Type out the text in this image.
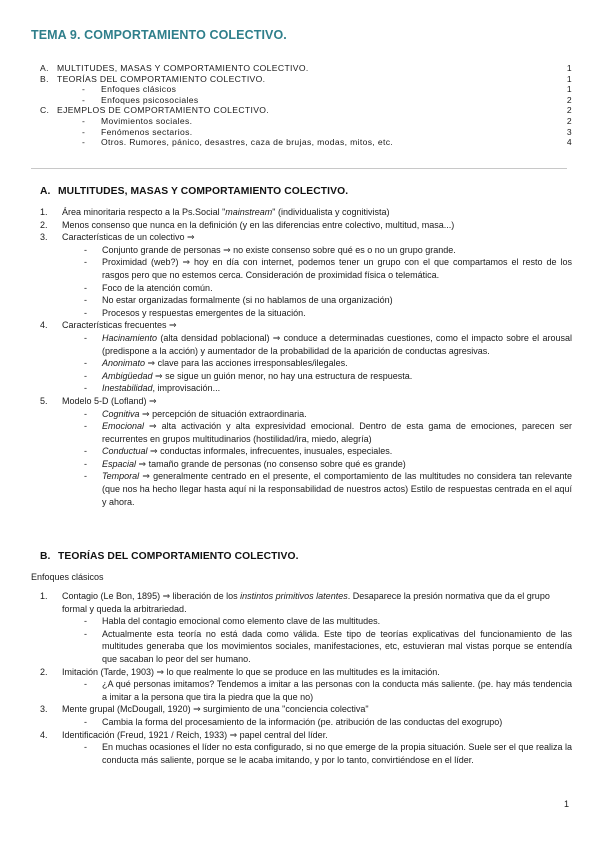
TEMA 9. COMPORTAMIENTO COLECTIVO.
A. MULTITUDES, MASAS Y COMPORTAMIENTO COLECTIVO.	1
B. TEORÍAS DEL COMPORTAMIENTO COLECTIVO.	1
-	Enfoques clásicos	1
-	Enfoques psicosociales	2
C. EJEMPLOS DE COMPORTAMIENTO COLECTIVO.	2
-	Movimientos sociales.	2
-	Fenómenos sectarios.	3
-	Otros. Rumores, pánico, desastres, caza de brujas, modas, mitos, etc.	4
A. MULTITUDES, MASAS Y COMPORTAMIENTO COLECTIVO.
1.	Área minoritaria respecto a la Ps.Social "mainstream" (individualista y cognitivista)
2.	Menos consenso que nunca en la definición (y en las diferencias entre colectivo, multitud, masa...)
3.	Características de un colectivo ⇒
-	Conjunto grande de personas ⇒ no existe consenso sobre qué es o no un grupo grande.
-	Proximidad (web?) ⇒ hoy en día con internet, podemos tener un grupo con el que compartamos el resto de los rasgos pero que no estemos cerca. Consideración de proximidad física o telemática.
-	Foco de la atención común.
-	No estar organizadas formalmente (si no hablamos de una organización)
-	Procesos y respuestas emergentes de la situación.
4.	Características frecuentes ⇒
-	Hacinamiento (alta densidad poblacional) ⇒ conduce a determinadas cuestiones, como el impacto sobre el arousal (predispone a la acción) y aumentador de la probabilidad de la aparición de conductas agresivas.
-	Anonimato ⇒ clave para las acciones irresponsables/ilegales.
-	Ambigüedad ⇒ se sigue un guión menor, no hay una estructura de respuesta.
-	Inestabilidad, improvisación...
5.	Modelo 5-D (Lofland) ⇒
-	Cognitiva ⇒ percepción de situación extraordinaria.
-	Emocional ⇒ alta activación y alta expresividad emocional. Dentro de esta gama de emociones, parecen ser recurrentes en grupos multitudinarios (hostilidad/ira, miedo, alegría)
-	Conductual ⇒ conductas informales, infrecuentes, inusuales, especiales.
-	Espacial ⇒ tamaño grande de personas (no consenso sobre qué es grande)
-	Temporal ⇒ generalmente centrado en el presente, el comportamiento de las multitudes no considera tan relevante (que nos ha hecho llegar hasta aquí ni la responsabilidad de nuestros actos) Estilo de respuestas centrada en el aquí y ahora.
B. TEORÍAS DEL COMPORTAMIENTO COLECTIVO.
Enfoques clásicos
1.	Contagio (Le Bon, 1895) ⇒ liberación de los instintos primitivos latentes. Desaparece la presión normativa que da el grupo formal y queda la arbitrariedad.
-	Habla del contagio emocional como elemento clave de las multitudes.
-	Actualmente esta teoría no está dada como válida. Este tipo de teorías explicativas del funcionamiento de las multitudes generaba que los movimientos sociales, manifestaciones, etc, estuvieran mal vistas porque se entendía que sacaban lo peor del ser humano.
2.	Imitación (Tarde, 1903) ⇒ lo que realmente lo que se produce en las multitudes es la imitación.
-	¿A qué personas imitamos? Tendemos a imitar a las personas con la conducta más saliente. (pe. hay más tendencia a imitar a la persona que tira la piedra que la que no)
3.	Mente grupal (McDougall, 1920) ⇒ surgimiento de una "conciencia colectiva"
-	Cambia la forma del procesamiento de la información (pe. atribución de las conductas del exogrupo)
4.	Identificación (Freud, 1921 / Reich, 1933) ⇒ papel central del líder.
-	En muchas ocasiones el líder no esta configurado, si no que emerge de la propia situación. Suele ser el que realiza la conducta más saliente, porque se le acaba imitando, y por lo tanto, convirtiéndose en el líder.
1
